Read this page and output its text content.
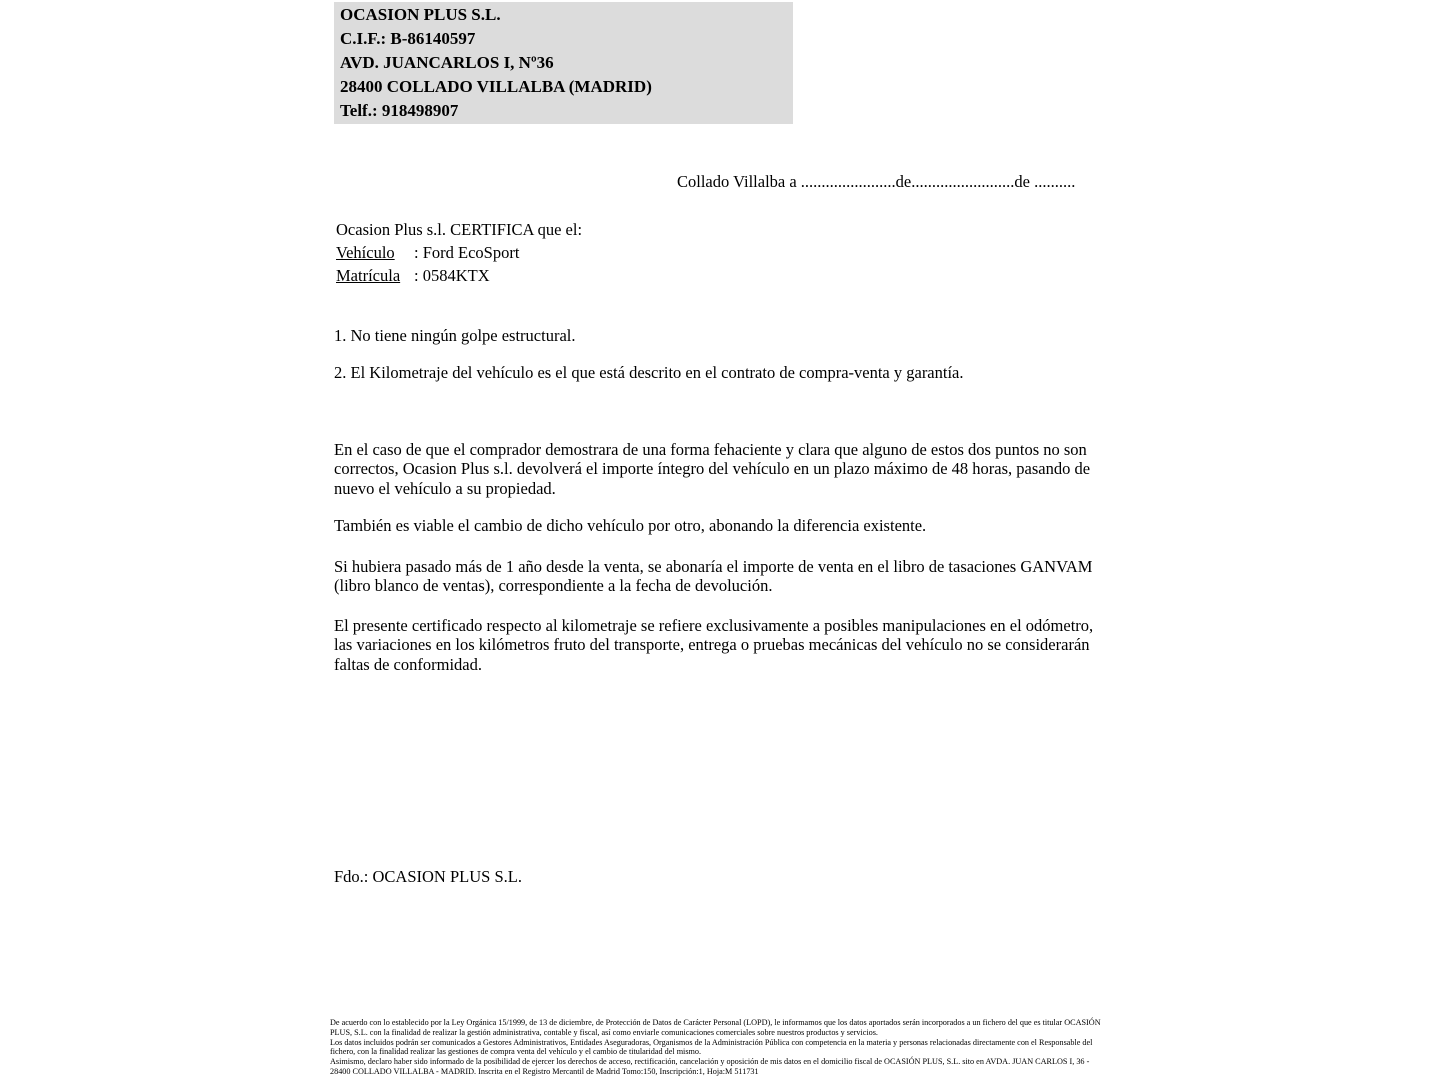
OCASION PLUS S.L.
C.I.F.: B-86140597
AVD. JUANCARLOS I, Nº36
28400 COLLADO VILLALBA (MADRID)
Telf.: 918498907
Collado Villalba a .......................de.........................de ..........
Ocasion Plus s.l. CERTIFICA que el:
Vehículo : Ford EcoSport
Matrícula : 0584KTX
1. No tiene ningún golpe estructural.
2. El Kilometraje del vehículo es el que está descrito en el contrato de compra-venta y garantía.
En el caso de que el comprador demostrara de una forma fehaciente y clara que alguno de estos dos puntos no son correctos, Ocasion Plus s.l. devolverá el importe íntegro del vehículo en un plazo máximo de 48 horas, pasando de nuevo el vehículo a su propiedad.
También es viable el cambio de dicho vehículo por otro, abonando la diferencia existente.
Si hubiera pasado más de 1 año desde la venta, se abonaría el importe de venta en el libro de tasaciones GANVAM (libro blanco de ventas), correspondiente a la fecha de devolución.
El presente certificado respecto al kilometraje se refiere exclusivamente a posibles manipulaciones en el odómetro, las variaciones en los kilómetros fruto del transporte, entrega o pruebas mecánicas del vehículo no se considerarán faltas de conformidad.
Fdo.: OCASION PLUS S.L.
De acuerdo con lo establecido por la Ley Orgánica 15/1999, de 13 de diciembre, de Protección de Datos de Carácter Personal (LOPD), le informamos que los datos aportados serán incorporados a un fichero del que es titular OCASIÓN PLUS, S.L. con la finalidad de realizar la gestión administrativa, contable y fiscal, así como enviarle comunicaciones comerciales sobre nuestros productos y servicios.
Los datos incluidos podrán ser comunicados a Gestores Administrativos, Entidades Aseguradoras, Organismos de la Administración Pública con competencia en la materia y personas relacionadas directamente con el Responsable del fichero, con la finalidad realizar las gestiones de compra venta del vehículo y el cambio de titularidad del mismo.
Asimismo, declaro haber sido informado de la posibilidad de ejercer los derechos de acceso, rectificación, cancelación y oposición de mis datos en el domicilio fiscal de OCASIÓN PLUS, S.L. sito en AVDA. JUAN CARLOS I, 36 - 28400 COLLADO VILLALBA - MADRID. Inscrita en el Registro Mercantil de Madrid Tomo:150, Inscripción:1, Hoja:M 511731
